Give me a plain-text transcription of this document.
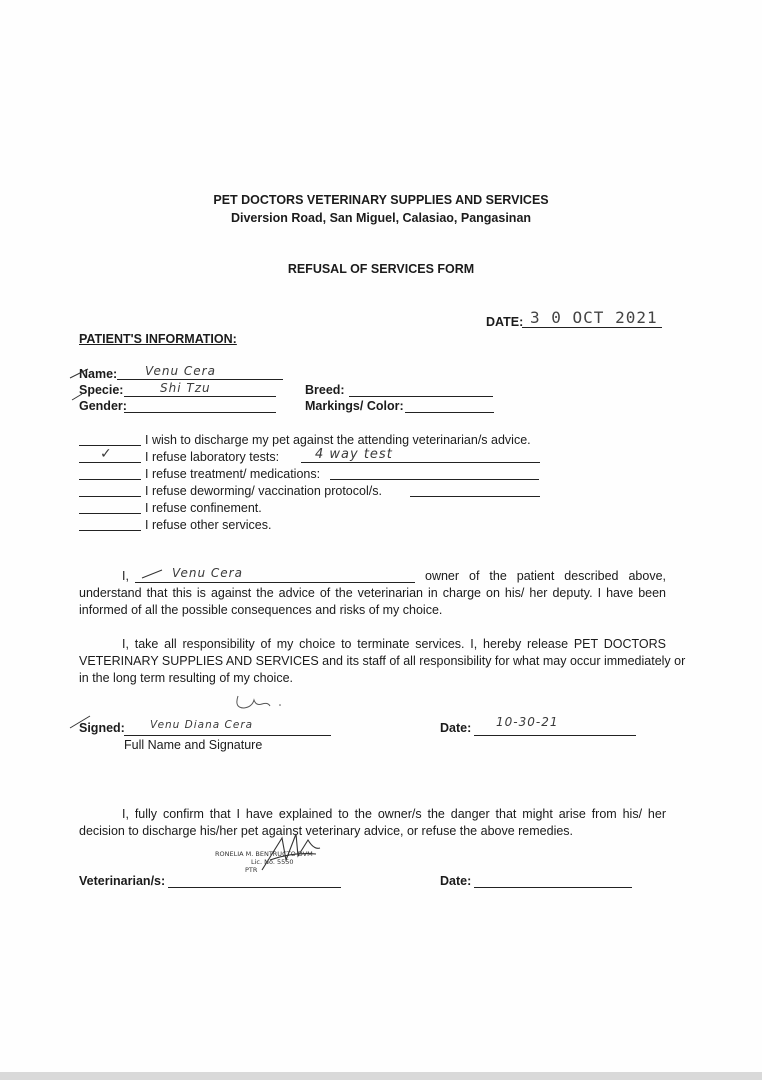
PET DOCTORS VETERINARY SUPPLIES AND SERVICES
Diversion Road, San Miguel, Calasiao, Pangasinan
REFUSAL OF SERVICES FORM
DATE: 3 0 OCT 2021
PATIENT'S INFORMATION:
Name: Venu Cera
Specie:	Shi Tzu
Gender:
Breed:
Markings/ Color:
I wish to discharge my pet against the attending veterinarian/s advice.
✓	I refuse laboratory tests:	4 way test
I refuse treatment/ medications:
I refuse deworming/ vaccination protocol/s.
I refuse confinement.
I refuse other services.
I,	Venu Cera	owner of the patient described above,
understand that this is against the advice of the veterinarian in charge on his/ her deputy. I have been
informed of all the possible consequences and risks of my choice.
I, take all responsibility of my choice to terminate services. I, hereby release PET DOCTORS
VETERINARY SUPPLIES AND SERVICES and its staff of all responsibility for what may occur immediately or
in the long term resulting of my choice.
Signed: Venu Diana Cera
Full Name and Signature
Date: 10-30-21
I, fully confirm that I have explained to the owner/s the danger that might arise from his/ her
decision to discharge his/her pet against veterinary advice, or refuse the above remedies.
RONELIA M. BENTRUCTO DVM
Lic. No. 5550
PTR
Veterinarian/s:	Date:
